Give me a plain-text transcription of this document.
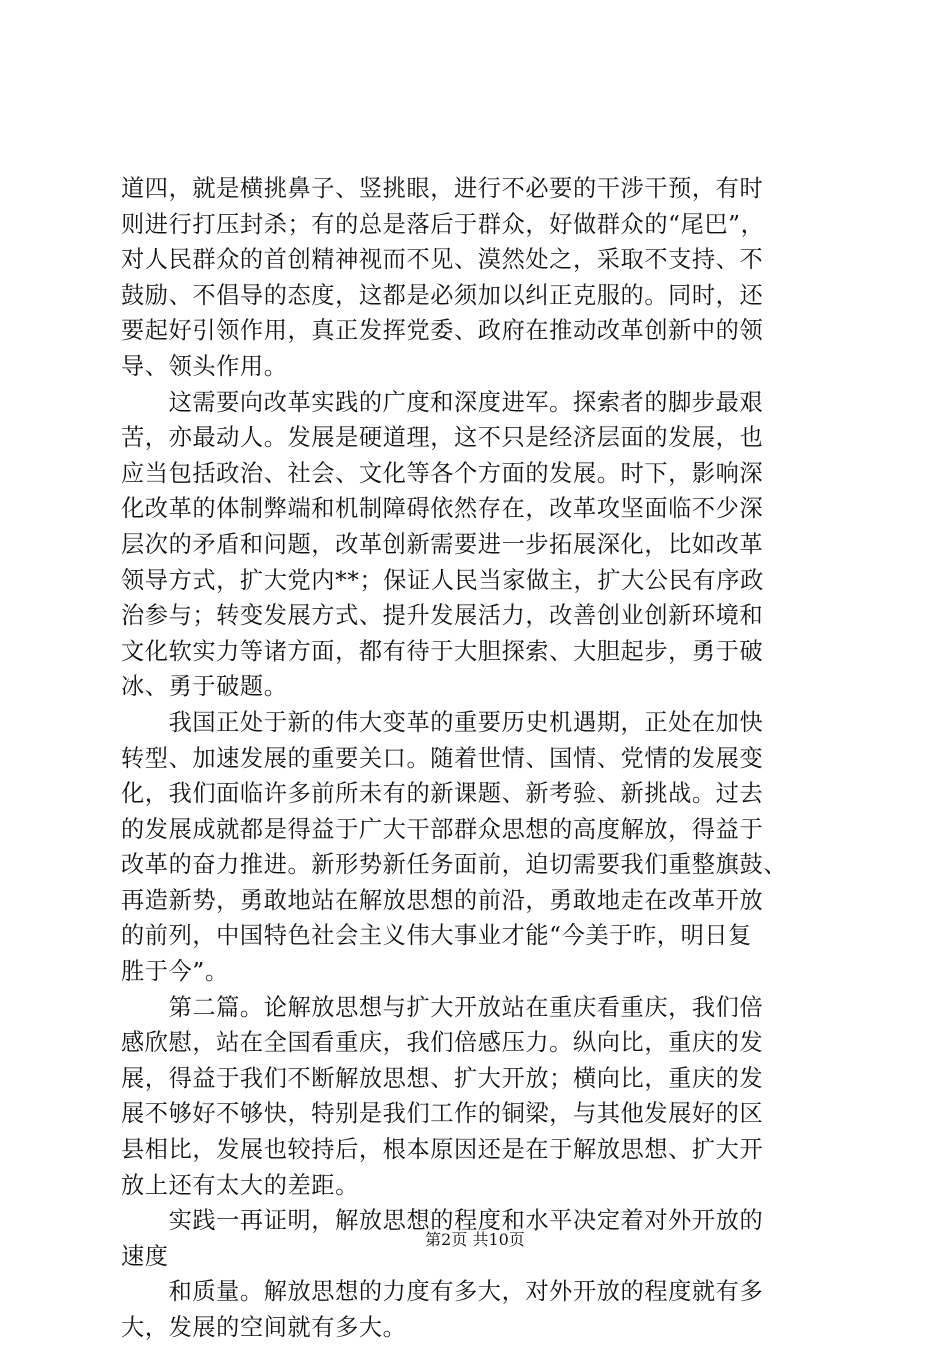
道四，就是横挑鼻子、竖挑眼，进行不必要的干涉干预，有时
则进行打压封杀；有的总是落后于群众，好做群众的“尾巴”，
对人民群众的首创精神视而不见、漠然处之，采取不支持、不
鼓励、不倡导的态度，这都是必须加以纠正克服的。同时，还
要起好引领作用，真正发挥党委、政府在推动改革创新中的领
导、领头作用。
　　这需要向改革实践的广度和深度进军。探索者的脚步最艰
苦，亦最动人。发展是硬道理，这不只是经济层面的发展，也
应当包括政治、社会、文化等各个方面的发展。时下，影响深
化改革的体制弊端和机制障碍依然存在，改革攻坚面临不少深
层次的矛盾和问题，改革创新需要进一步拓展深化，比如改革
领导方式，扩大党内**；保证人民当家做主，扩大公民有序政
治参与；转变发展方式、提升发展活力，改善创业创新环境和
文化软实力等诸方面，都有待于大胆探索、大胆起步，勇于破
冰、勇于破题。
　　我国正处于新的伟大变革的重要历史机遇期，正处在加快
转型、加速发展的重要关口。随着世情、国情、党情的发展变
化，我们面临许多前所未有的新课题、新考验、新挑战。过去
的发展成就都是得益于广大干部群众思想的高度解放，得益于
改革的奋力推进。新形势新任务面前，迫切需要我们重整旗鼓、
再造新势，勇敢地站在解放思想的前沿，勇敢地走在改革开放
的前列，中国特色社会主义伟大事业才能“今美于昨，明日复
胜于今”。
　　第二篇。论解放思想与扩大开放站在重庆看重庆，我们倍
感欣慰，站在全国看重庆，我们倍感压力。纵向比，重庆的发
展，得益于我们不断解放思想、扩大开放；横向比，重庆的发
展不够好不够快，特别是我们工作的铜梁，与其他发展好的区
县相比，发展也较持后，根本原因还是在于解放思想、扩大开
放上还有太大的差距。
　　实践一再证明，解放思想的程度和水平决定着对外开放的
速度
　　和质量。解放思想的力度有多大，对外开放的程度就有多
大，发展的空间就有多大。
第2页 共10页
